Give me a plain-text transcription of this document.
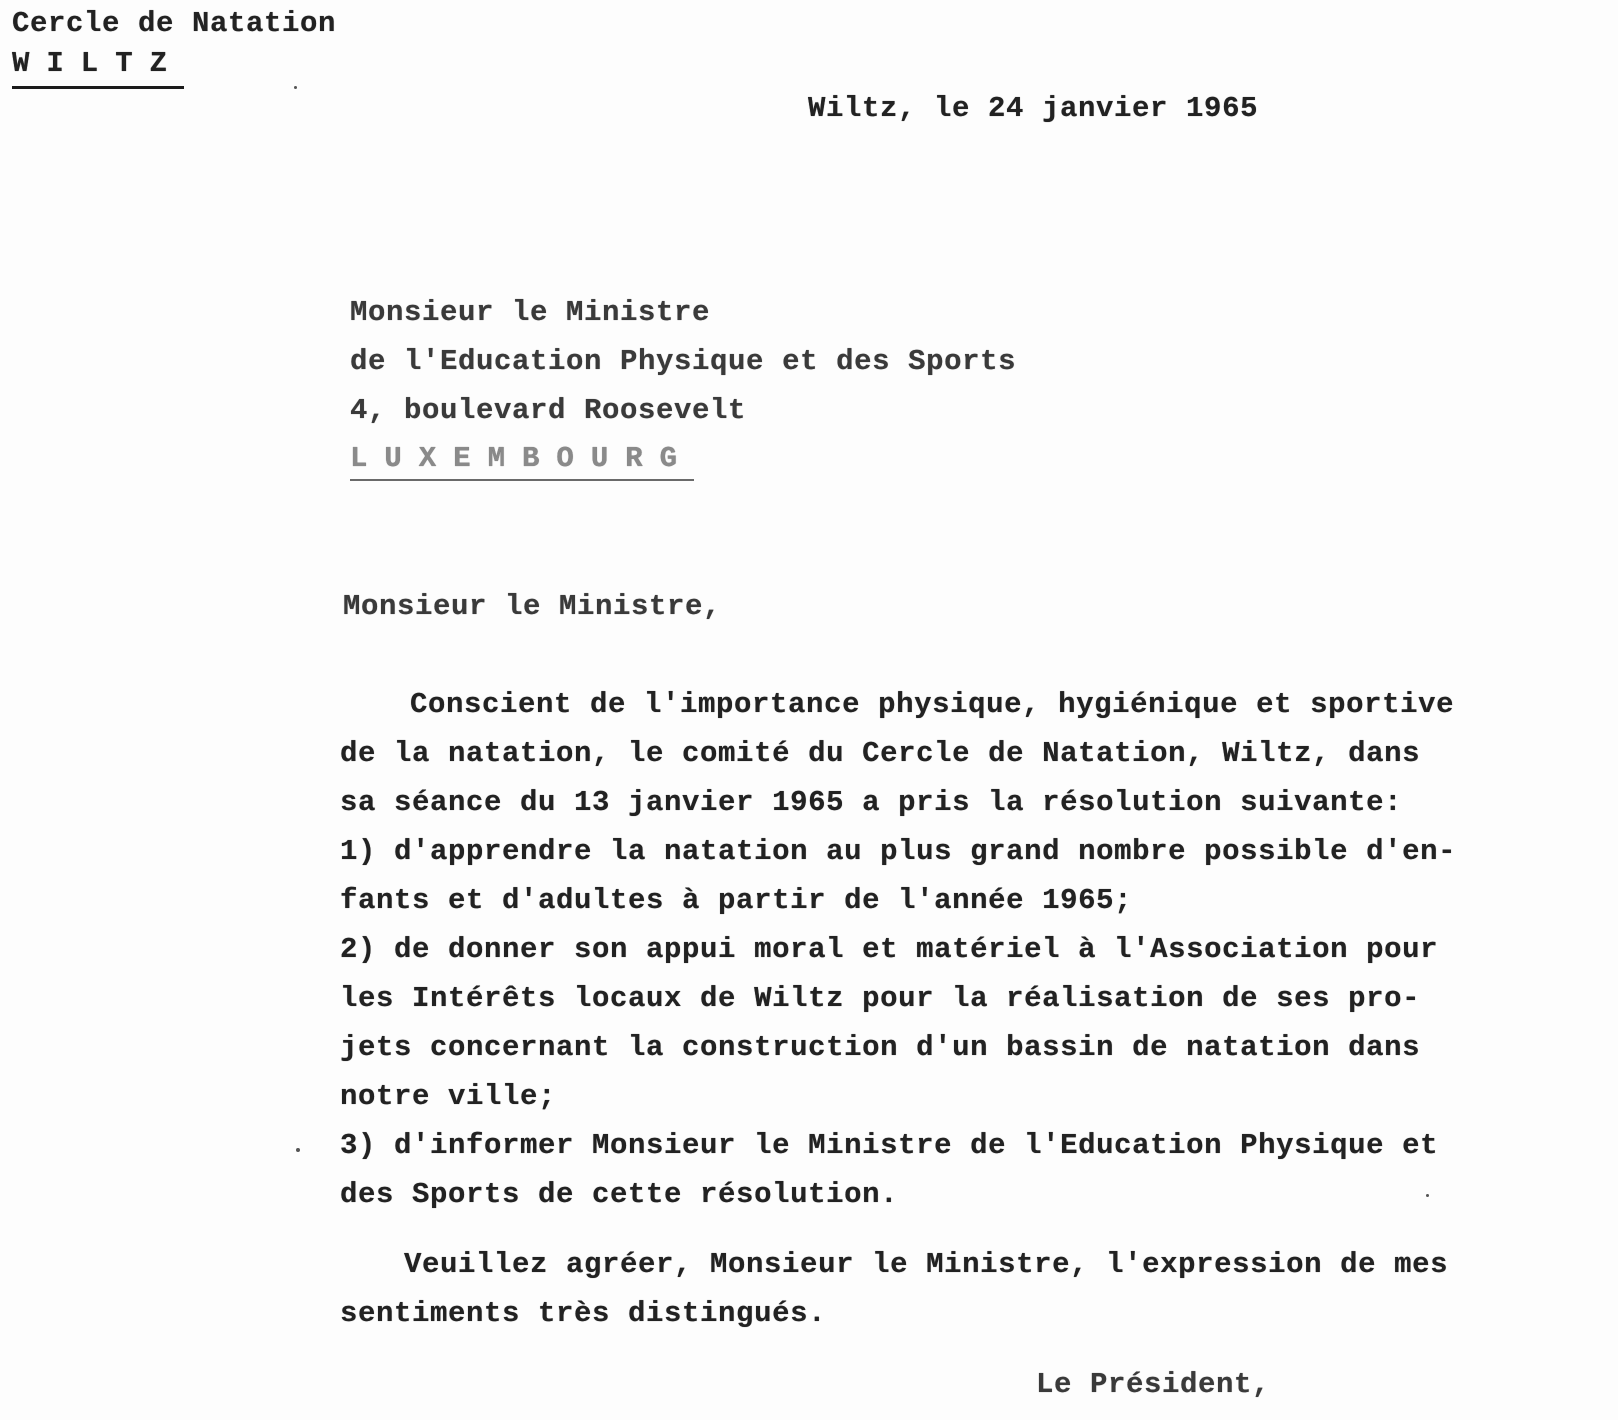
Cercle de Natation
WILTZ
Wiltz, le 24 janvier 1965
Monsieur le Ministre
de l'Education Physique et des Sports
4, boulevard Roosevelt
LUXEMBOURG
Monsieur le Ministre,
Conscient de l'importance physique, hygiénique et sportive
de la natation, le comité du Cercle de Natation, Wiltz, dans
sa séance du 13 janvier 1965 a pris la résolution suivante:
1) d'apprendre la natation au plus grand nombre possible d'en-
fants et d'adultes à partir de l'année 1965;
2) de donner son appui moral et matériel à l'Association pour
les Intérêts locaux de Wiltz pour la réalisation de ses pro-
jets concernant la construction d'un bassin de natation dans
notre ville;
3) d'informer Monsieur le Ministre de l'Education Physique et
des Sports de cette résolution.
Veuillez agréer, Monsieur le Ministre, l'expression de mes
sentiments très distingués.
Le Président,
